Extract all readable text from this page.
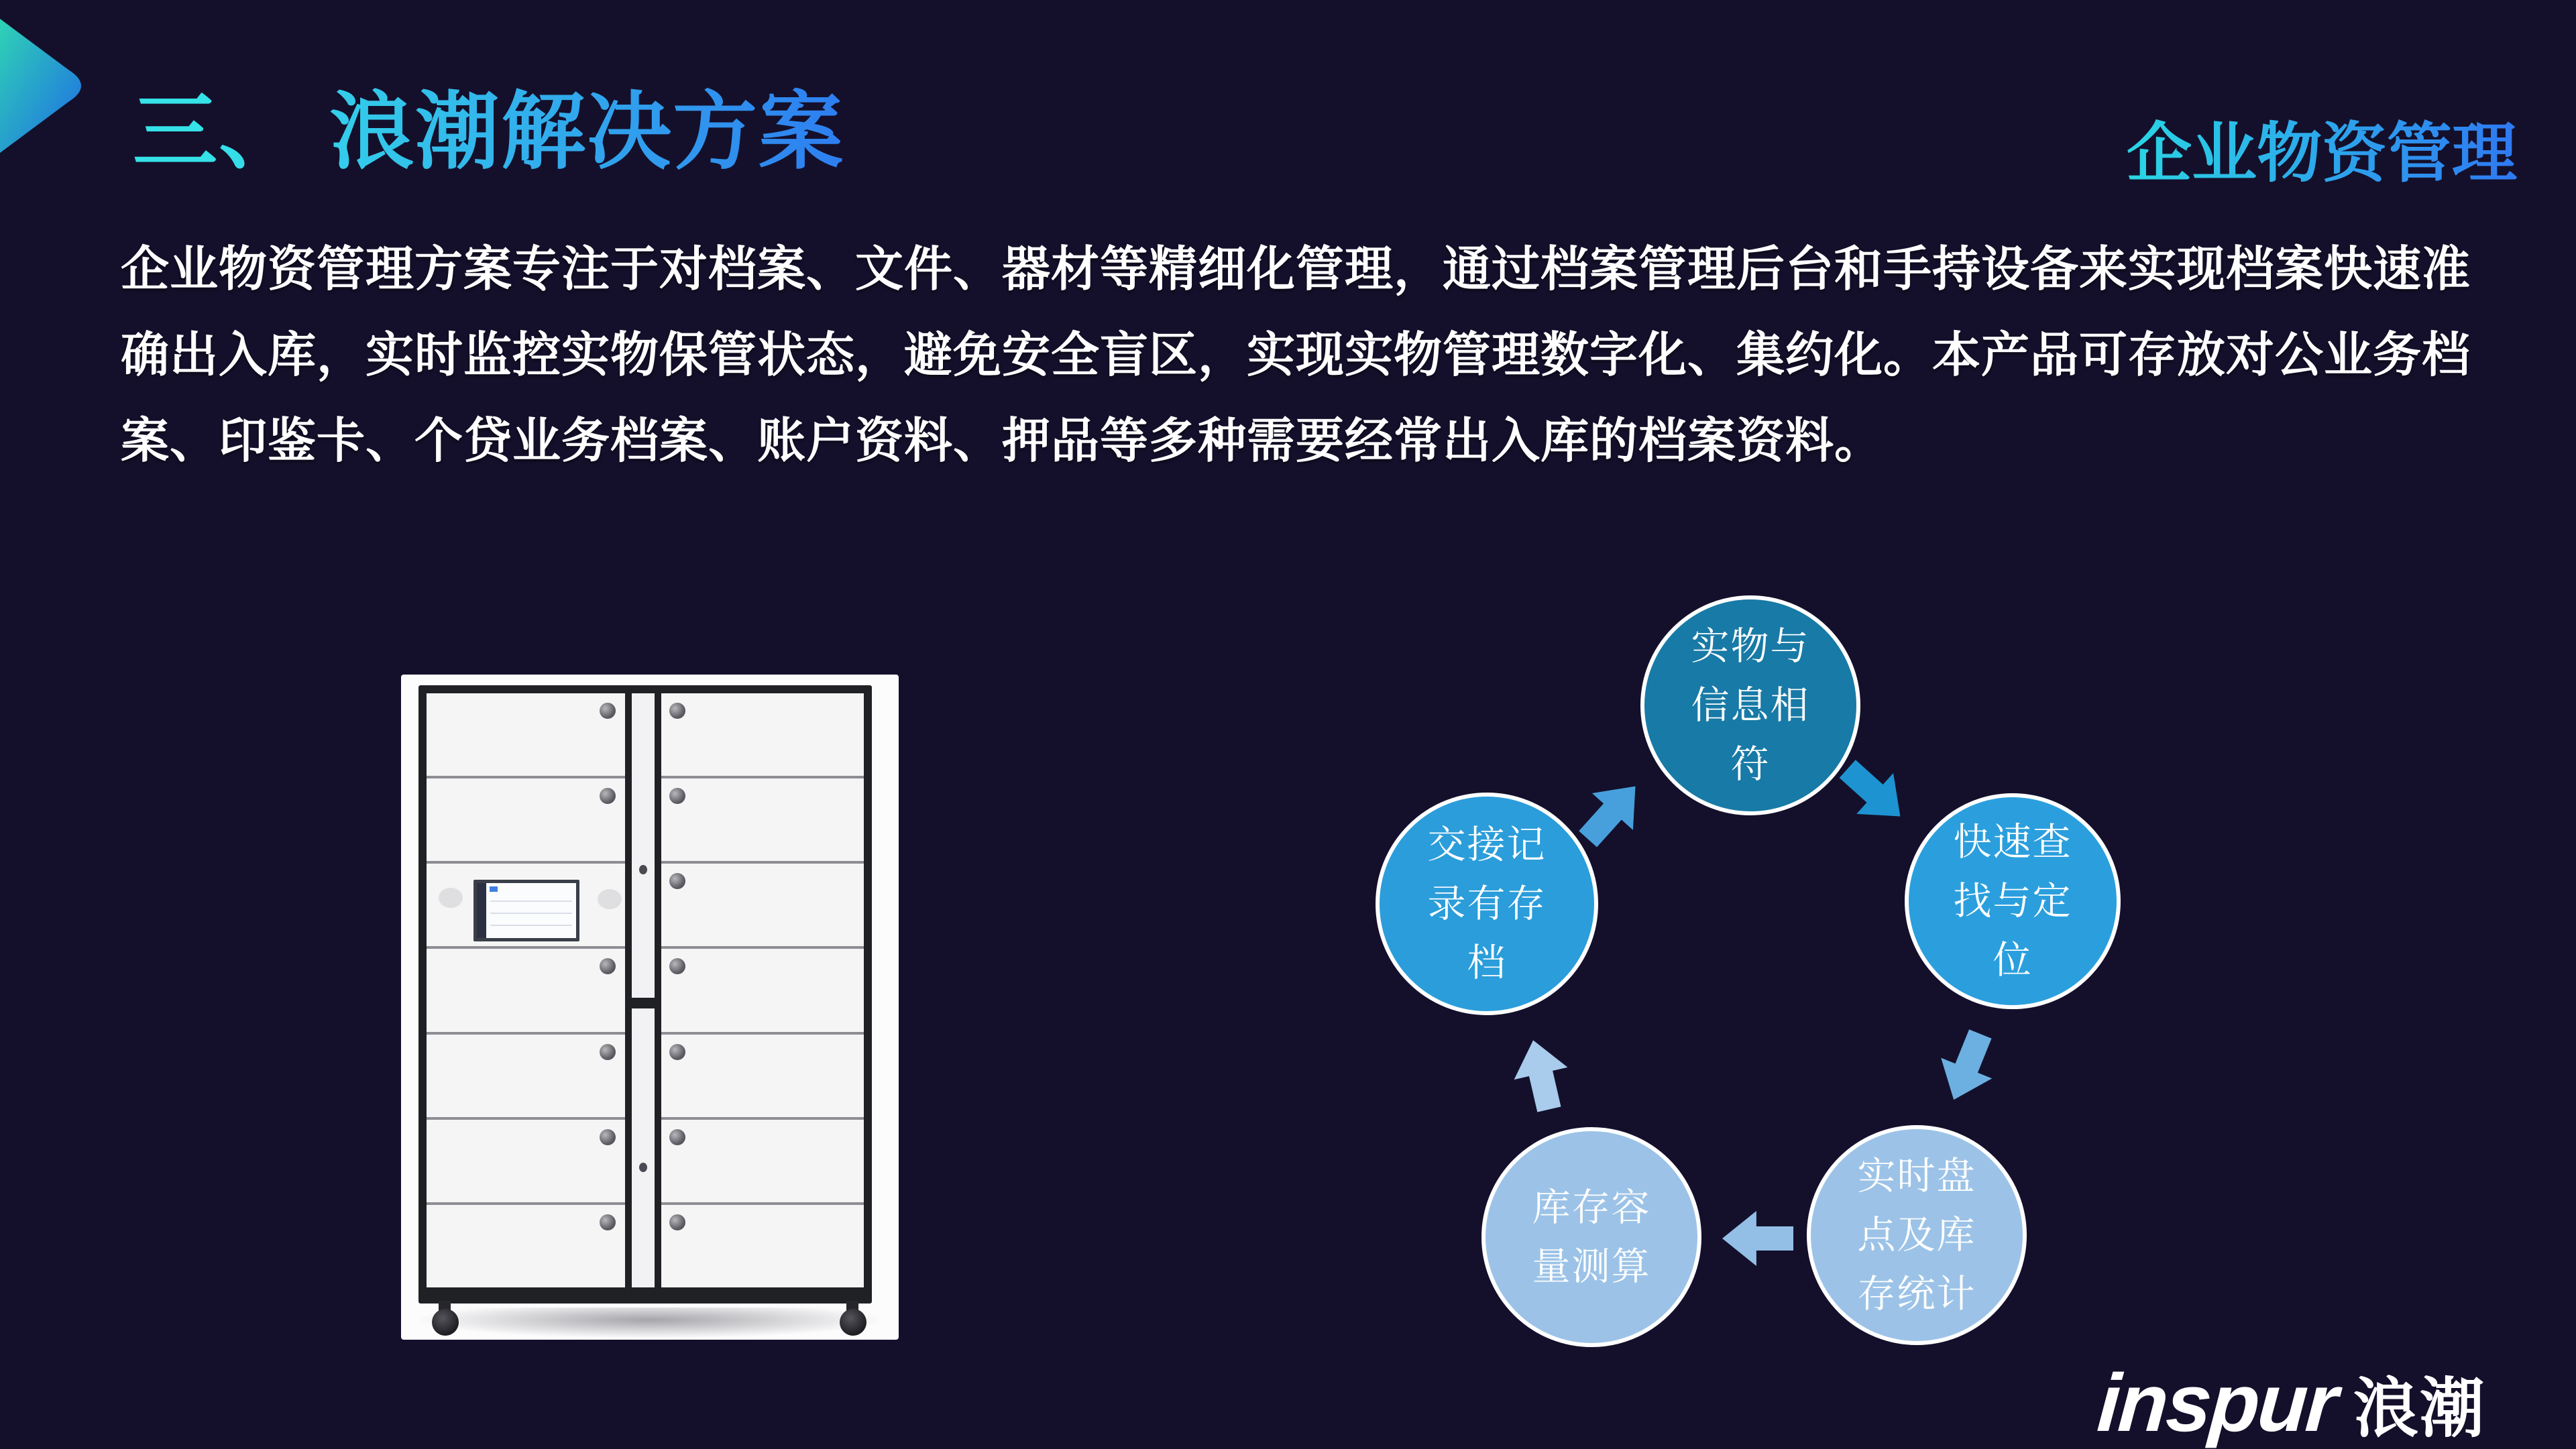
三、 浪潮解决方案	企业物资管理
企业物资管理方案专注于对档案、文件、器材等精细化管理，通过档案管理后台和手持设备来实现档案快速准
确出入库，实时监控实物保管状态，避免安全盲区，实现实物管理数字化、集约化。本产品可存放对公业务档
案、印鉴卡、个贷业务档案、账户资料、押品等多种需要经常出入库的档案资料。
实物与
信息相
符
快速查
找与定
位
实时盘
点及库
存统计
库存容
量测算
交接记
录有存
档
inspur 浪潮
